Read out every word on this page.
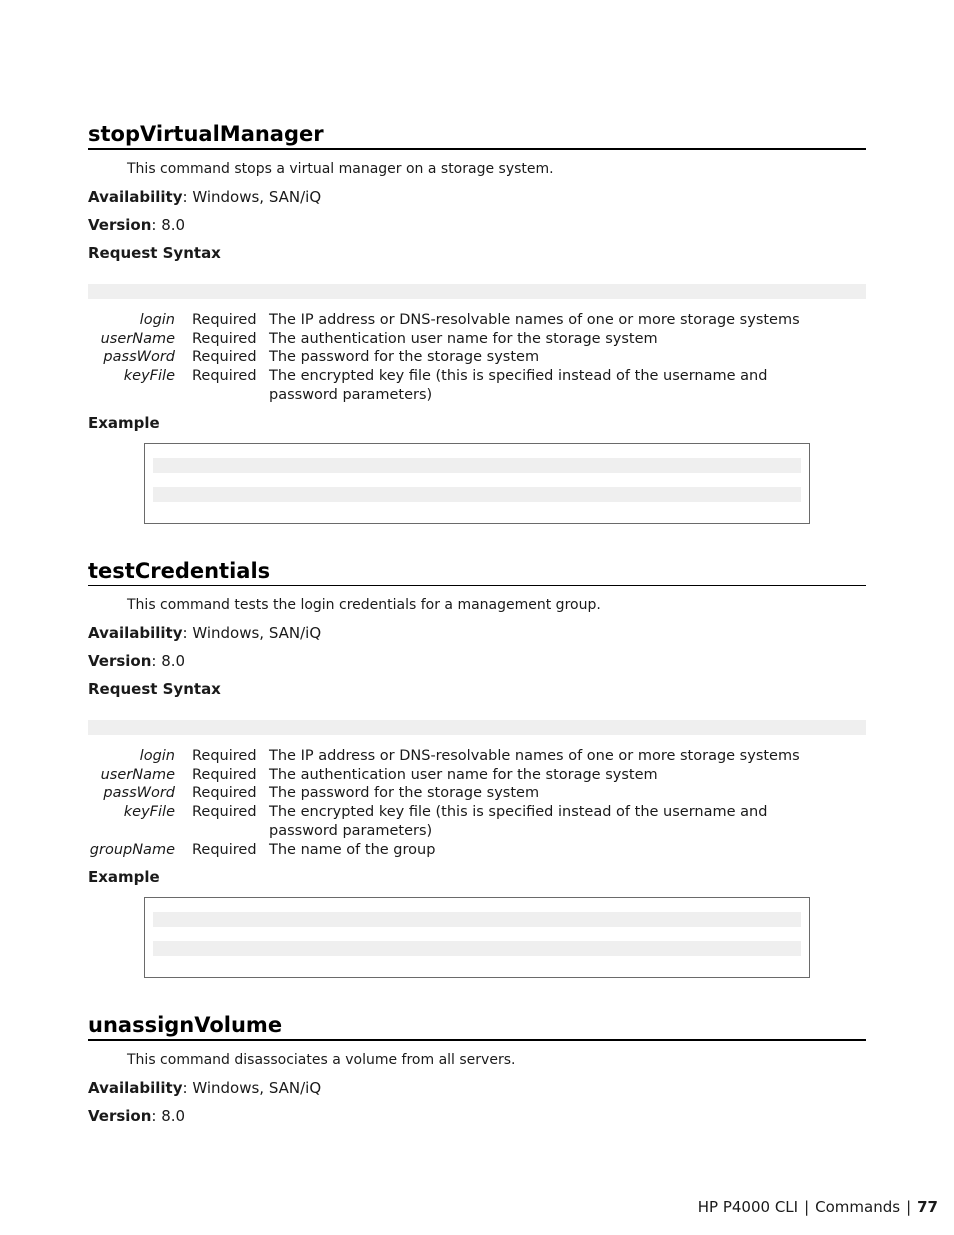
stopVirtualManager
This command stops a virtual manager on a storage system.
Availability: Windows, SAN/iQ
Version: 8.0
Request Syntax
login Required The IP address or DNS-resolvable names of one or more storage systems
userName Required The authentication user name for the storage system
passWord Required The password for the storage system
keyFile Required The encrypted key file (this is specified instead of the username and password parameters)
Example
testCredentials
This command tests the login credentials for a management group.
Availability: Windows, SAN/iQ
Version: 8.0
Request Syntax
login Required The IP address or DNS-resolvable names of one or more storage systems
userName Required The authentication user name for the storage system
passWord Required The password for the storage system
keyFile Required The encrypted key file (this is specified instead of the username and password parameters)
groupName Required The name of the group
Example
unassignVolume
This command disassociates a volume from all servers.
Availability: Windows, SAN/iQ
Version: 8.0
HP P4000 CLI | Commands | 77
